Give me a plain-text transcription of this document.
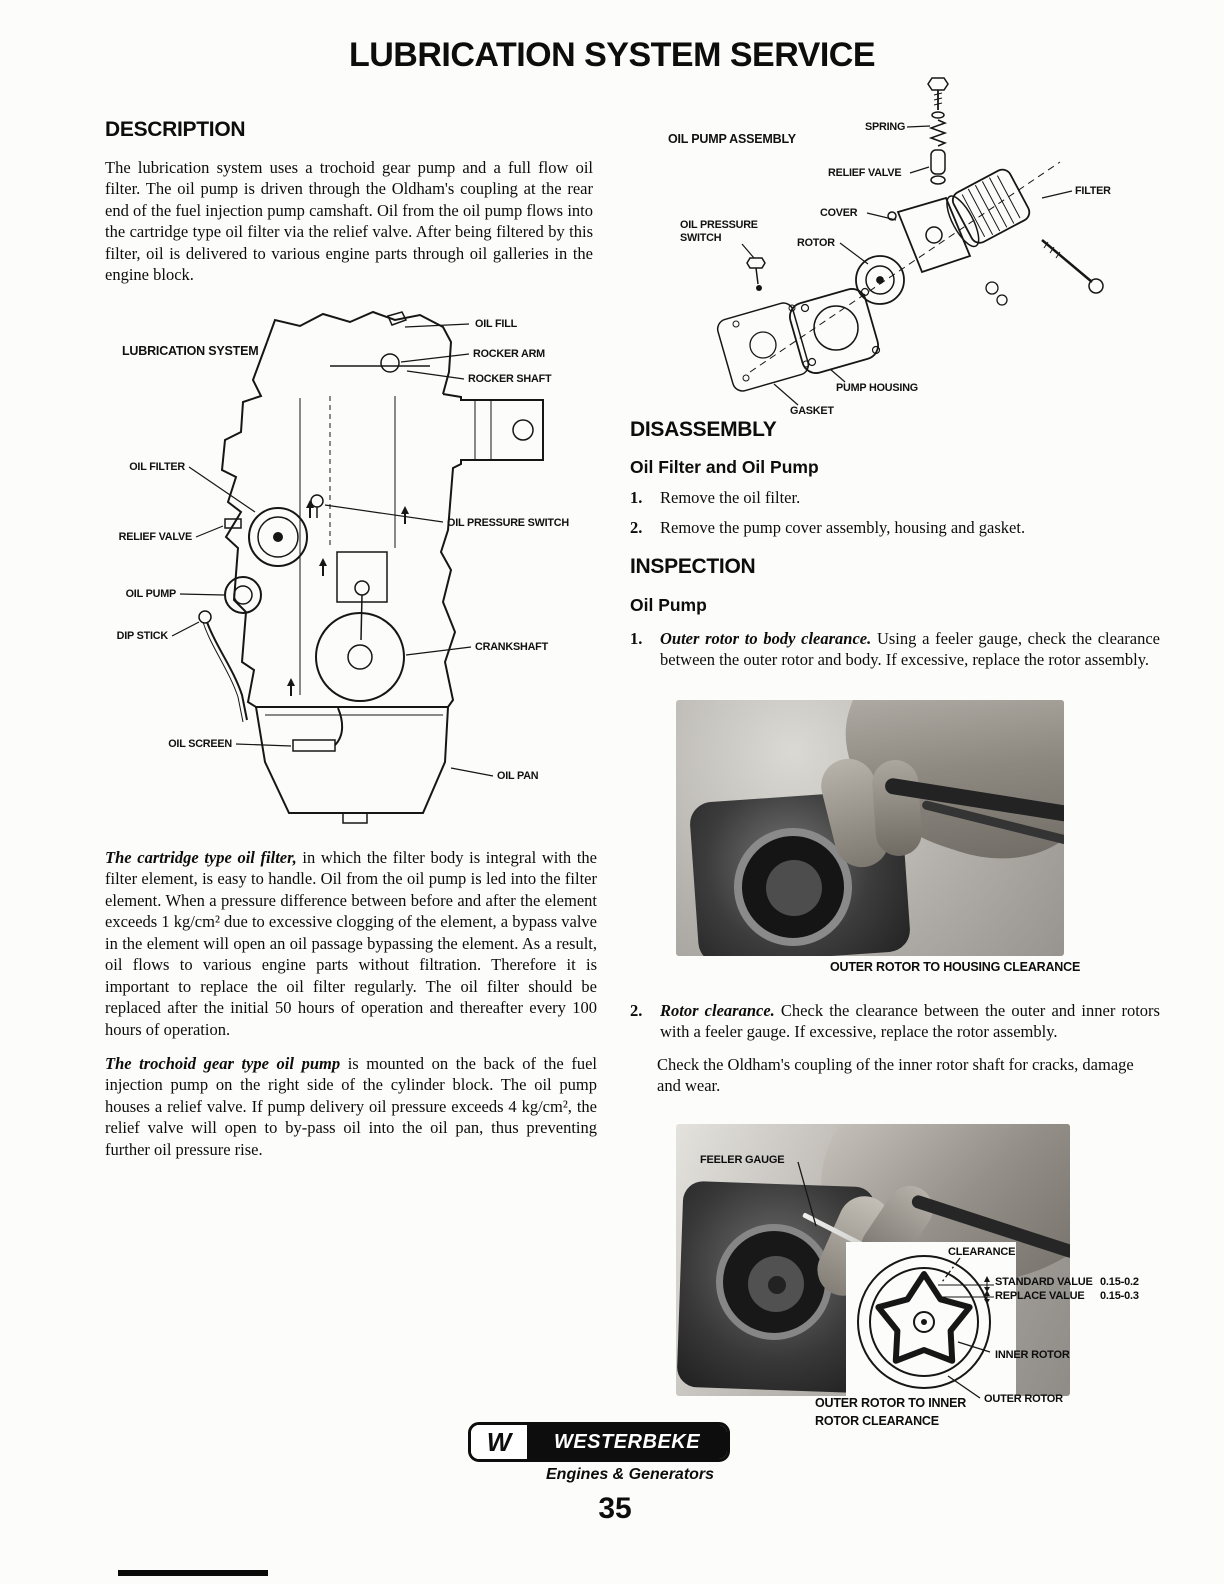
LUBRICATION SYSTEM SERVICE
DESCRIPTION

The lubrication system uses a trochoid gear pump and a full flow oil filter. The oil pump is driven through the Oldham's coupling at the rear end of the fuel injection pump camshaft. Oil from the oil pump flows into the cartridge type oil filter via the relief valve. After being filtered by this filter, oil is delivered to various engine parts through oil galleries in the engine block.

LUBRICATION SYSTEM
OIL FILL
ROCKER ARM
ROCKER SHAFT
OIL FILTER
OIL PRESSURE SWITCH
RELIEF VALVE
OIL PUMP
DIP STICK
CRANKSHAFT
OIL SCREEN
OIL PAN

The cartridge type oil filter, in which the filter body is integral with the filter element, is easy to handle. Oil from the oil pump is led into the filter element. When a pressure difference between before and after the element exceeds 1 kg/cm² due to excessive clogging of the element, a bypass valve in the element will open an oil passage bypassing the element. As a result, oil flows to various engine parts without filtration. Therefore it is important to replace the oil filter regularly. The oil filter should be replaced after the initial 50 hours of operation and thereafter every 100 hours of operation.

The trochoid gear type oil pump is mounted on the back of the fuel injection pump on the right side of the cylinder block. The oil pump houses a relief valve. If pump delivery oil pressure exceeds 4 kg/cm², the relief valve will open to by-pass oil into the oil pan, thus preventing further oil pressure rise.

OIL PUMP ASSEMBLY
SPRING
RELIEF VALVE
COVER
FILTER
OIL PRESSURE
SWITCH	ROTOR
PUMP HOUSING
GASKET
DISASSEMBLY
Oil Filter and Oil Pump
1.	Remove the oil filter.
2.	Remove the pump cover assembly, housing and gasket.
INSPECTION
Oil Pump
1.	Outer rotor to body clearance. Using a feeler gauge, check the clearance between the outer rotor and body. If excessive, replace the rotor assembly.
OUTER ROTOR TO HOUSING CLEARANCE
2.	Rotor clearance. Check the clearance between the outer and inner rotors with a feeler gauge. If excessive, replace the rotor assembly.

Check the Oldham's coupling of the inner rotor shaft for cracks, damage and wear.

FEELER GAUGE
CLEARANCE
STANDARD VALUE 0.15-0.2
REPLACE VALUE 0.15-0.3
INNER ROTOR
OUTER ROTOR
OUTER ROTOR TO INNER
ROTOR CLEARANCE
W	WESTERBEKE
Engines & Generators
35
